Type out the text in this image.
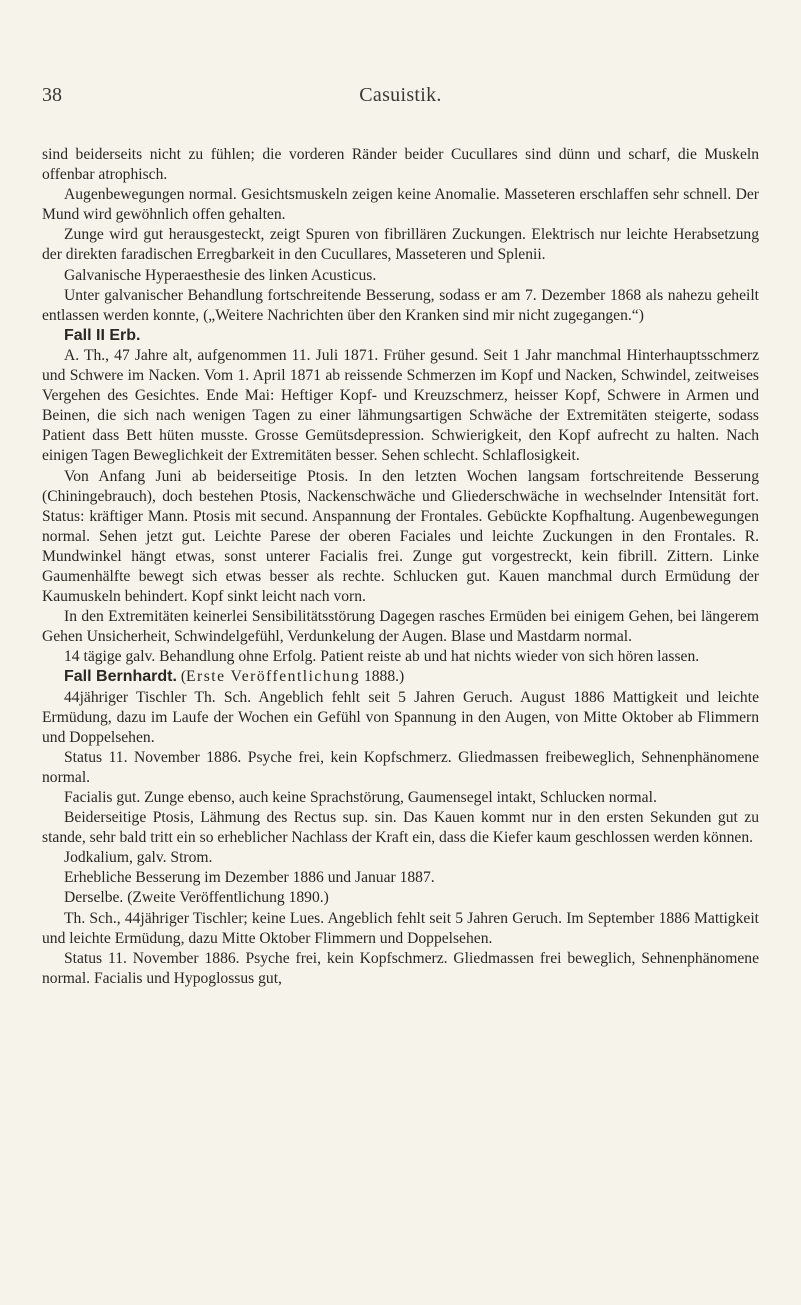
38	Casuistik.

sind beiderseits nicht zu fühlen; die vorderen Ränder beider Cucullares sind dünn und scharf, die Muskeln offenbar atrophisch.

Augenbewegungen normal. Gesichtsmuskeln zeigen keine Anomalie. Masseteren erschlaffen sehr schnell. Der Mund wird gewöhnlich offen gehalten.

Zunge wird gut herausgesteckt, zeigt Spuren von fibrillären Zuckungen. Elektrisch nur leichte Herabsetzung der direkten faradischen Erregbarkeit in den Cucullares, Masseteren und Splenii.

Galvanische Hyperaesthesie des linken Acusticus.

Unter galvanischer Behandlung fortschreitende Besserung, sodass er am 7. Dezember 1868 als nahezu geheilt entlassen werden konnte, („Weitere Nachrichten über den Kranken sind mir nicht zugegangen.“)

Fall II Erb.

A. Th., 47 Jahre alt, aufgenommen 11. Juli 1871. Früher gesund. Seit 1 Jahr manchmal Hinterhauptsschmerz und Schwere im Nacken. Vom 1. April 1871 ab reissende Schmerzen im Kopf und Nacken, Schwindel, zeitweises Vergehen des Gesichtes. Ende Mai: Heftiger Kopf- und Kreuzschmerz, heisser Kopf, Schwere in Armen und Beinen, die sich nach wenigen Tagen zu einer lähmungsartigen Schwäche der Extremitäten steigerte, sodass Patient dass Bett hüten musste. Grosse Gemütsdepression. Schwierigkeit, den Kopf aufrecht zu halten. Nach einigen Tagen Beweglichkeit der Extremitäten besser. Sehen schlecht. Schlaflosigkeit.

Von Anfang Juni ab beiderseitige Ptosis. In den letzten Wochen langsam fortschreitende Besserung (Chiningebrauch), doch bestehen Ptosis, Nackenschwäche und Gliederschwäche in wechselnder Intensität fort. Status: kräftiger Mann. Ptosis mit secund. Anspannung der Frontales. Gebückte Kopfhaltung. Augenbewegungen normal. Sehen jetzt gut. Leichte Parese der oberen Faciales und leichte Zuckungen in den Frontales. R. Mundwinkel hängt etwas, sonst unterer Facialis frei. Zunge gut vorgestreckt, kein fibrill. Zittern. Linke Gaumenhälfte bewegt sich etwas besser als rechte. Schlucken gut. Kauen manchmal durch Ermüdung der Kaumuskeln behindert. Kopf sinkt leicht nach vorn.

In den Extremitäten keinerlei Sensibilitätsstörung Dagegen rasches Ermüden bei einigem Gehen, bei längerem Gehen Unsicherheit, Schwindelgefühl, Verdunkelung der Augen. Blase und Mastdarm normal.

14 tägige galv. Behandlung ohne Erfolg. Patient reiste ab und hat nichts wieder von sich hören lassen.

Fall Bernhardt. (Erste Veröffentlichung 1888.)

44jähriger Tischler Th. Sch. Angeblich fehlt seit 5 Jahren Geruch. August 1886 Mattigkeit und leichte Ermüdung, dazu im Laufe der Wochen ein Gefühl von Spannung in den Augen, von Mitte Oktober ab Flimmern und Doppelsehen.

Status 11. November 1886. Psyche frei, kein Kopfschmerz. Gliedmassen freibeweglich, Sehnenphänomene normal.

Facialis gut. Zunge ebenso, auch keine Sprachstörung, Gaumensegel intakt, Schlucken normal.

Beiderseitige Ptosis, Lähmung des Rectus sup. sin. Das Kauen kommt nur in den ersten Sekunden gut zu stande, sehr bald tritt ein so erheblicher Nachlass der Kraft ein, dass die Kiefer kaum geschlossen werden können.

Jodkalium, galv. Strom.

Erhebliche Besserung im Dezember 1886 und Januar 1887.

Derselbe. (Zweite Veröffentlichung 1890.)

Th. Sch., 44jähriger Tischler; keine Lues. Angeblich fehlt seit 5 Jahren Geruch. Im September 1886 Mattigkeit und leichte Ermüdung, dazu Mitte Oktober Flimmern und Doppelsehen.

Status 11. November 1886. Psyche frei, kein Kopfschmerz. Gliedmassen frei beweglich, Sehnenphänomene normal. Facialis und Hypoglossus gut,
